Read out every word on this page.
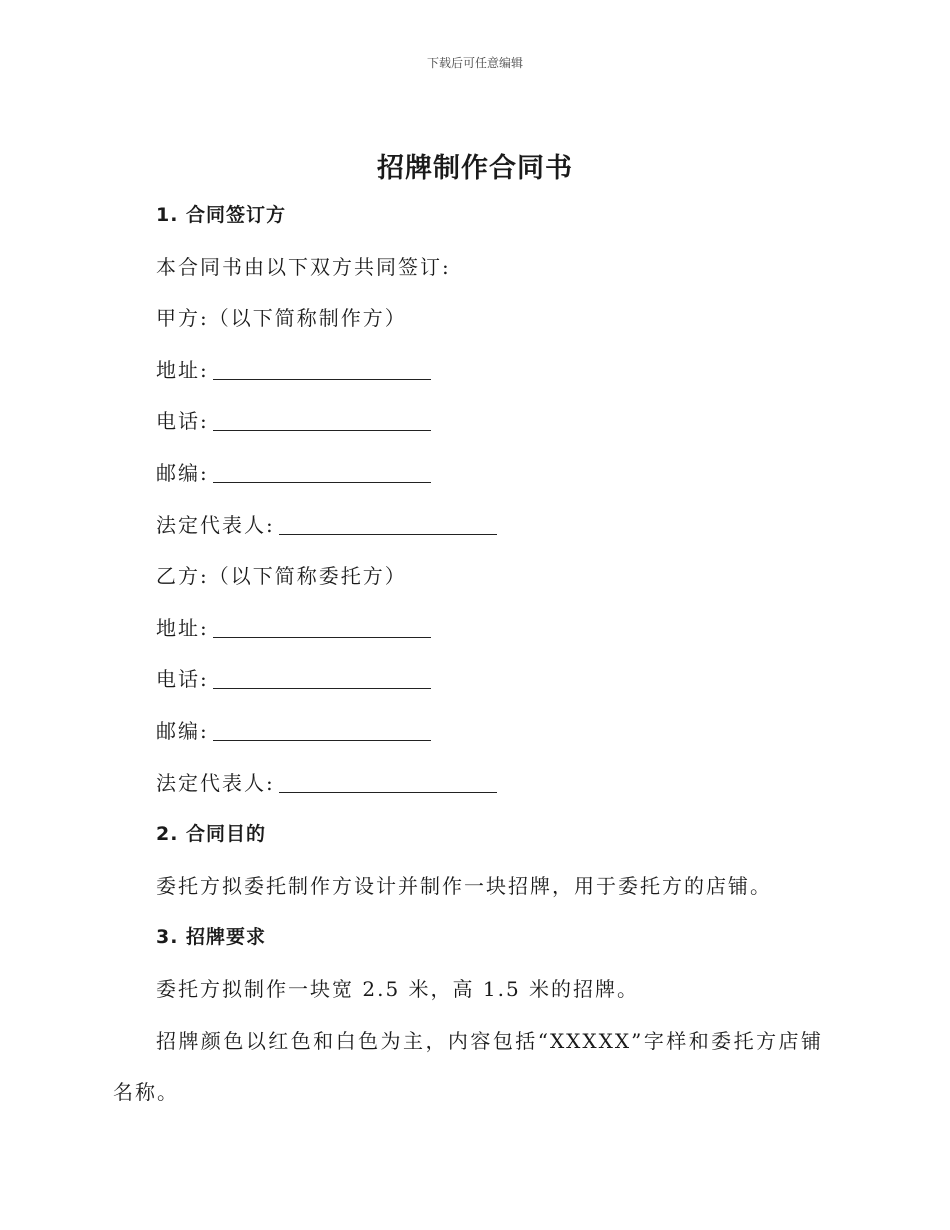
下载后可任意编辑
招牌制作合同书
1. 合同签订方
本合同书由以下双方共同签订:
甲方:（以下简称制作方）
地址:
电话:
邮编:
法定代表人:
乙方:（以下简称委托方）
地址:
电话:
邮编:
法定代表人:
2. 合同目的
委托方拟委托制作方设计并制作一块招牌，用于委托方的店铺。
3. 招牌要求
委托方拟制作一块宽 2.5 米，高 1.5 米的招牌。
招牌颜色以红色和白色为主，内容包括“XXXXX”字样和委托方店铺名称。
